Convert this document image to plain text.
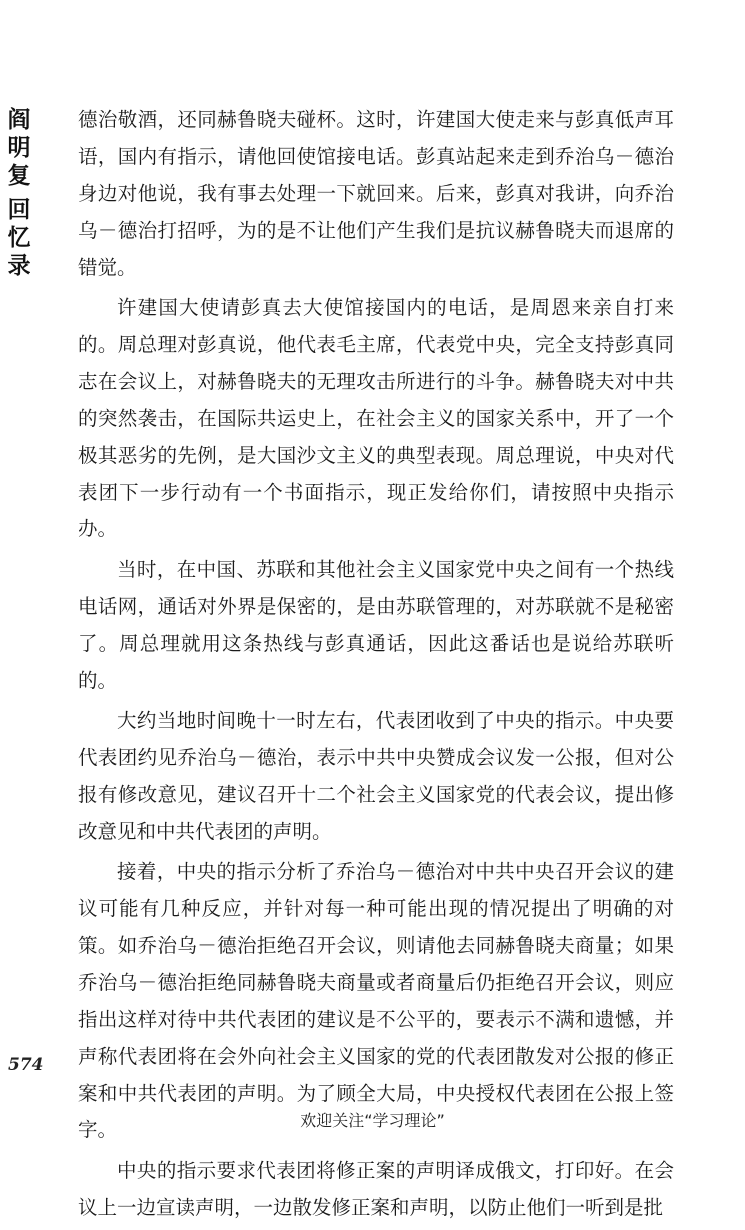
阎
明
复
回
忆
录

德治敬酒，还同赫鲁晓夫碰杯。这时，许建国大使走来与彭真低声耳语，国内有指示，请他回使馆接电话。彭真站起来走到乔治乌－德治身边对他说，我有事去处理一下就回来。后来，彭真对我讲，向乔治乌－德治打招呼，为的是不让他们产生我们是抗议赫鲁晓夫而退席的错觉。

许建国大使请彭真去大使馆接国内的电话，是周恩来亲自打来的。周总理对彭真说，他代表毛主席，代表党中央，完全支持彭真同志在会议上，对赫鲁晓夫的无理攻击所进行的斗争。赫鲁晓夫对中共的突然袭击，在国际共运史上，在社会主义的国家关系中，开了一个极其恶劣的先例，是大国沙文主义的典型表现。周总理说，中央对代表团下一步行动有一个书面指示，现正发给你们，请按照中央指示办。

当时，在中国、苏联和其他社会主义国家党中央之间有一个热线电话网，通话对外界是保密的，是由苏联管理的，对苏联就不是秘密了。周总理就用这条热线与彭真通话，因此这番话也是说给苏联听的。

大约当地时间晚十一时左右，代表团收到了中央的指示。中央要代表团约见乔治乌－德治，表示中共中央赞成会议发一公报，但对公报有修改意见，建议召开十二个社会主义国家党的代表会议，提出修改意见和中共代表团的声明。

接着，中央的指示分析了乔治乌－德治对中共中央召开会议的建议可能有几种反应，并针对每一种可能出现的情况提出了明确的对策。如乔治乌－德治拒绝召开会议，则请他去同赫鲁晓夫商量；如果乔治乌－德治拒绝同赫鲁晓夫商量或者商量后仍拒绝召开会议，则应指出这样对待中共代表团的建议是不公平的，要表示不满和遗憾，并声称代表团将在会外向社会主义国家的党的代表团散发对公报的修正案和中共代表团的声明。为了顾全大局，中央授权代表团在公报上签字。

中央的指示要求代表团将修正案的声明译成俄文，打印好。在会议上一边宣读声明，一边散发修正案和声明，以防止他们一听到是批

574
欢迎关注“学习理论”
